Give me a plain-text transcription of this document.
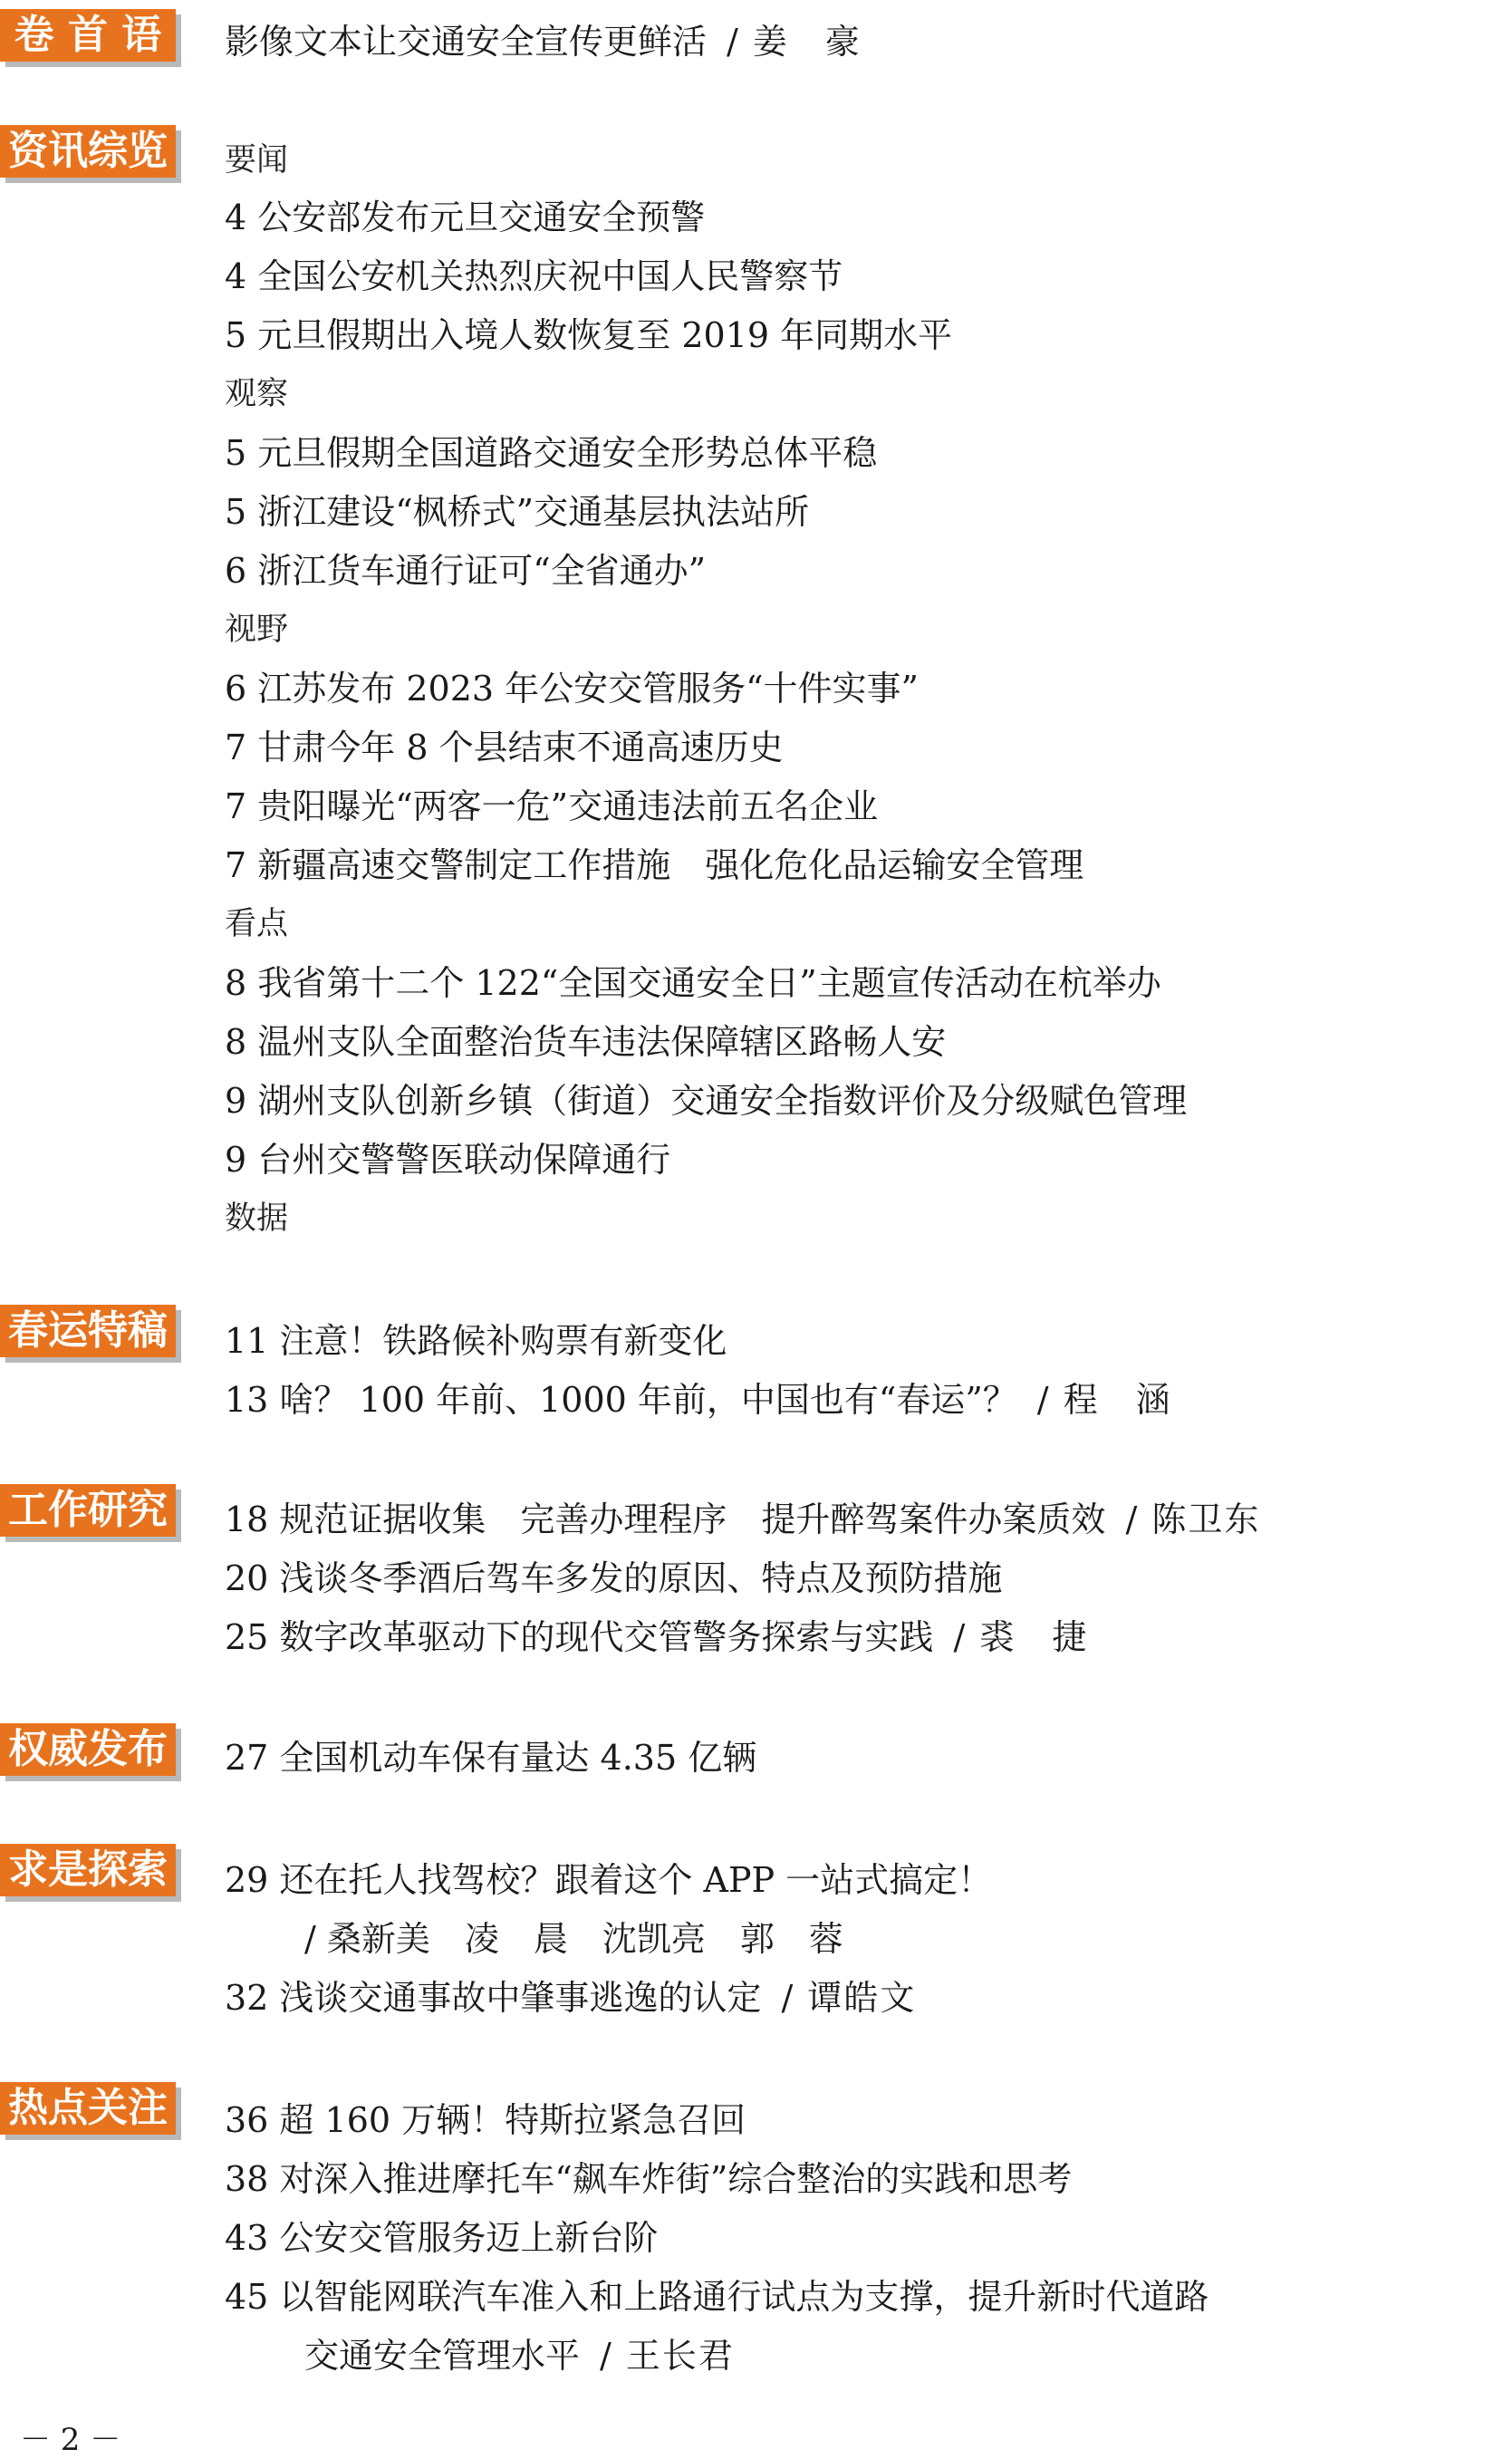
卷 首 语	影像文本让交通安全宣传更鲜活 / 姜　豪
资讯综览 要闻
4 公安部发布元旦交通安全预警
4 全国公安机关热烈庆祝中国人民警察节
5 元旦假期出入境人数恢复至 2019 年同期水平
观察
5 元旦假期全国道路交通安全形势总体平稳
5 浙江建设“枫桥式”交通基层执法站所
6 浙江货车通行证可“全省通办”
视野
6 江苏发布 2023 年公安交管服务“十件实事”
7 甘肃今年 8 个县结束不通高速历史
7 贵阳曝光“两客一危”交通违法前五名企业
7 新疆高速交警制定工作措施　强化危化品运输安全管理
看点
8 我省第十二个 122“全国交通安全日”主题宣传活动在杭举办
8 温州支队全面整治货车违法保障辖区路畅人安
9 湖州支队创新乡镇（街道）交通安全指数评价及分级赋色管理
9 台州交警警医联动保障通行
数据
春运特稿 11 注意！铁路候补购票有新变化
13 啥？ 100 年前、1000 年前，中国也有“春运”？ / 程　涵
工作研究 18 规范证据收集　完善办理程序　提升醉驾案件办案质效 / 陈卫东
20 浅谈冬季酒后驾车多发的原因、特点及预防措施
25 数字改革驱动下的现代交管警务探索与实践 / 裘　捷
权威发布 27 全国机动车保有量达 4.35 亿辆
求是探索 29 还在托人找驾校？跟着这个 APP 一站式搞定！
/ 桑新美　凌　晨　沈凯亮　郭　蓉
32 浅谈交通事故中肇事逃逸的认定 / 谭皓文
热点关注 36 超 160 万辆！特斯拉紧急召回
38 对深入推进摩托车“飙车炸街”综合整治的实践和思考
43 公安交管服务迈上新台阶
45 以智能网联汽车准入和上路通行试点为支撑，提升新时代道路
交通安全管理水平 / 王长君
－ 2 －
